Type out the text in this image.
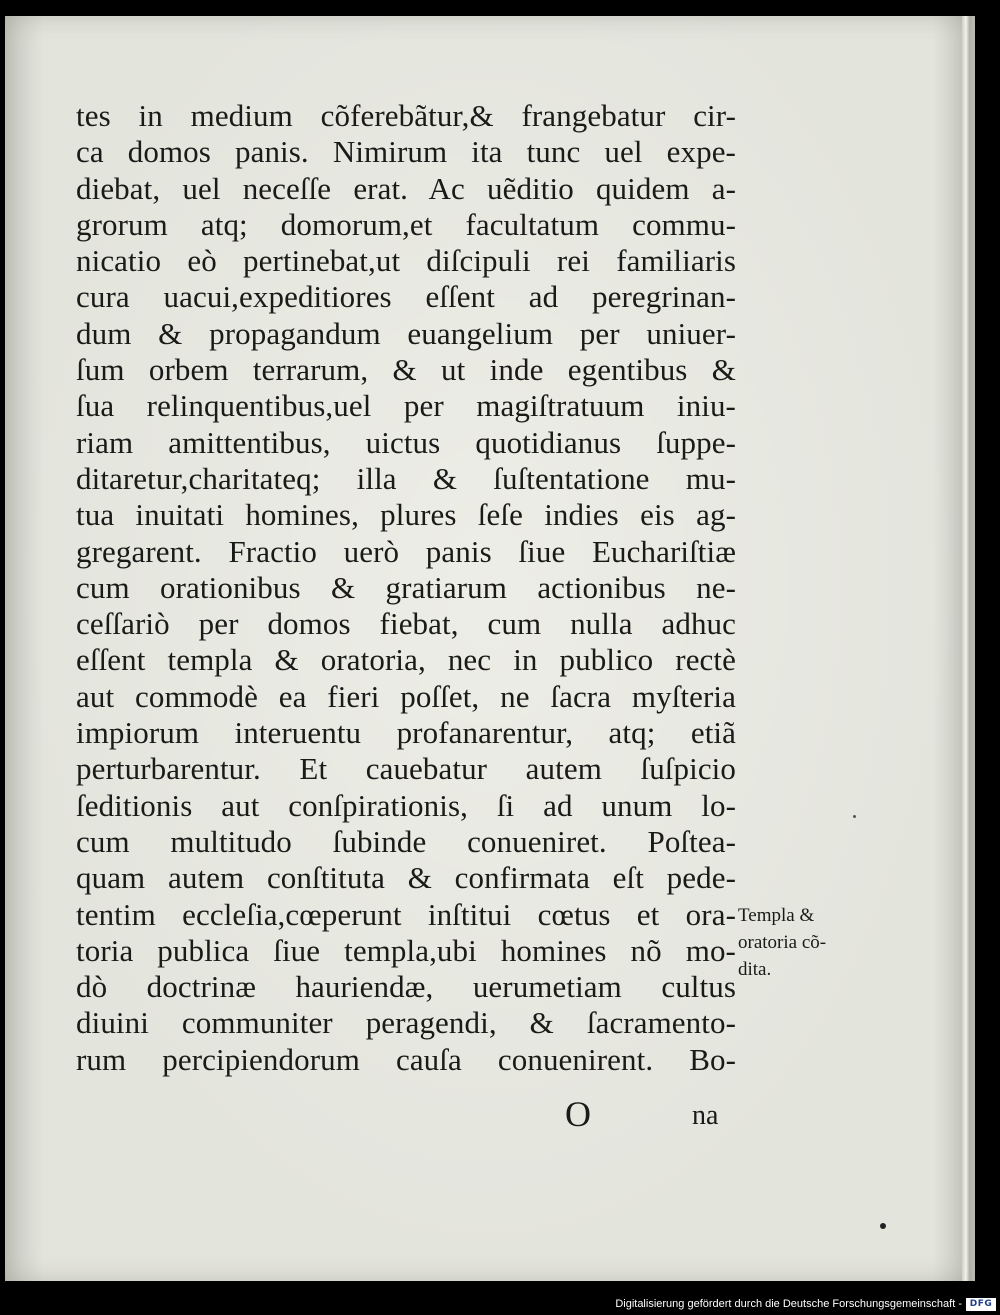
tes in medium cõferebãtur,& frangebatur cir-
ca domos panis. Nimirum ita tunc uel expe-
diebat, uel neceſſe erat. Ac uẽditio quidem a-
grorum atq; domorum,et facultatum commu-
nicatio eò pertinebat,ut diſcipuli rei familiaris
cura uacui,expeditiores eſſent ad peregrinan-
dum & propagandum euangelium per uniuer-
ſum orbem terrarum, & ut inde egentibus &
ſua relinquentibus,uel per magiſtratuum iniu-
riam amittentibus, uictus quotidianus ſuppe-
ditaretur,charitateq; illa & ſuſtentatione mu-
tua inuitati homines, plures ſeſe indies eis ag-
gregarent. Fractio uerò panis ſiue Euchariſtiæ
cum orationibus & gratiarum actionibus ne-
ceſſariò per domos fiebat, cum nulla adhuc
eſſent templa & oratoria, nec in publico rectè
aut commodè ea fieri poſſet, ne ſacra myſteria
impiorum interuentu profanarentur, atq; etiã
perturbarentur. Et cauebatur autem ſuſpicio
ſeditionis aut conſpirationis, ſi ad unum lo-
cum multitudo ſubinde conueniret. Poſtea-
quam autem conſtituta & confirmata eſt pede-
tentim eccleſia,cœperunt inſtitui cœtus et ora-
toria publica ſiue templa,ubi homines nõ mo-
dò doctrinæ hauriendæ, uerumetiam cultus
diuini communiter peragendi, & ſacramento-
rum percipiendorum cauſa conuenirent. Bo-
Templa &
oratoria cõ-
dita.
O	na
Digitalisierung gefördert durch die Deutsche Forschungsgemeinschaft - DFG
